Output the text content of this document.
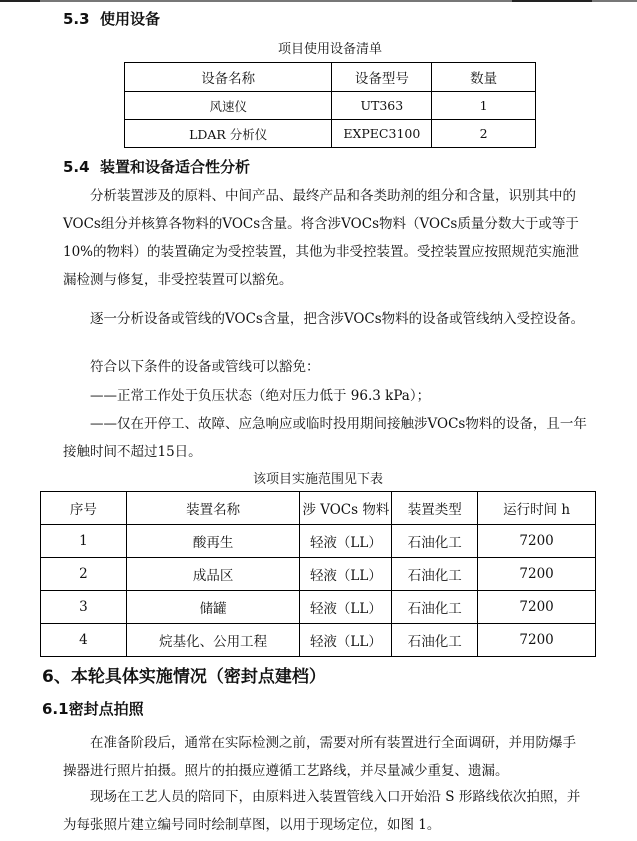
5.3 使用设备
项目使用设备清单
设备名称	设备型号	数量
风速仪	UT363	1
LDAR 分析仪	EXPEC3100	2
5.4 装置和设备适合性分析
分析装置涉及的原料、中间产品、最终产品和各类助剂的组分和含量，识别其中的VOCs组分并核算各物料的VOCs含量。将含涉VOCs物料（VOCs质量分数大于或等于10%的物料）的装置确定为受控装置，其他为非受控装置。受控装置应按照规范实施泄漏检测与修复，非受控装置可以豁免。
逐一分析设备或管线的VOCs含量，把含涉VOCs物料的设备或管线纳入受控设备。
符合以下条件的设备或管线可以豁免：
——正常工作处于负压状态（绝对压力低于 96.3 kPa）；
——仅在开停工、故障、应急响应或临时投用期间接触涉VOCs物料的设备，且一年接触时间不超过15日。
该项目实施范围见下表
序号	装置名称	涉 VOCs 物料	装置类型	运行时间 h
1	酸再生	轻液（LL）	石油化工	7200
2	成品区	轻液（LL）	石油化工	7200
3	储罐	轻液（LL）	石油化工	7200
4	烷基化、公用工程	轻液（LL）	石油化工	7200
6、本轮具体实施情况（密封点建档）
6.1密封点拍照
在准备阶段后，通常在实际检测之前，需要对所有装置进行全面调研，并用防爆手操器进行照片拍摄。照片的拍摄应遵循工艺路线，并尽量减少重复、遗漏。
现场在工艺人员的陪同下，由原料进入装置管线入口开始沿 S 形路线依次拍照，并为每张照片建立编号同时绘制草图，以用于现场定位，如图 1。
